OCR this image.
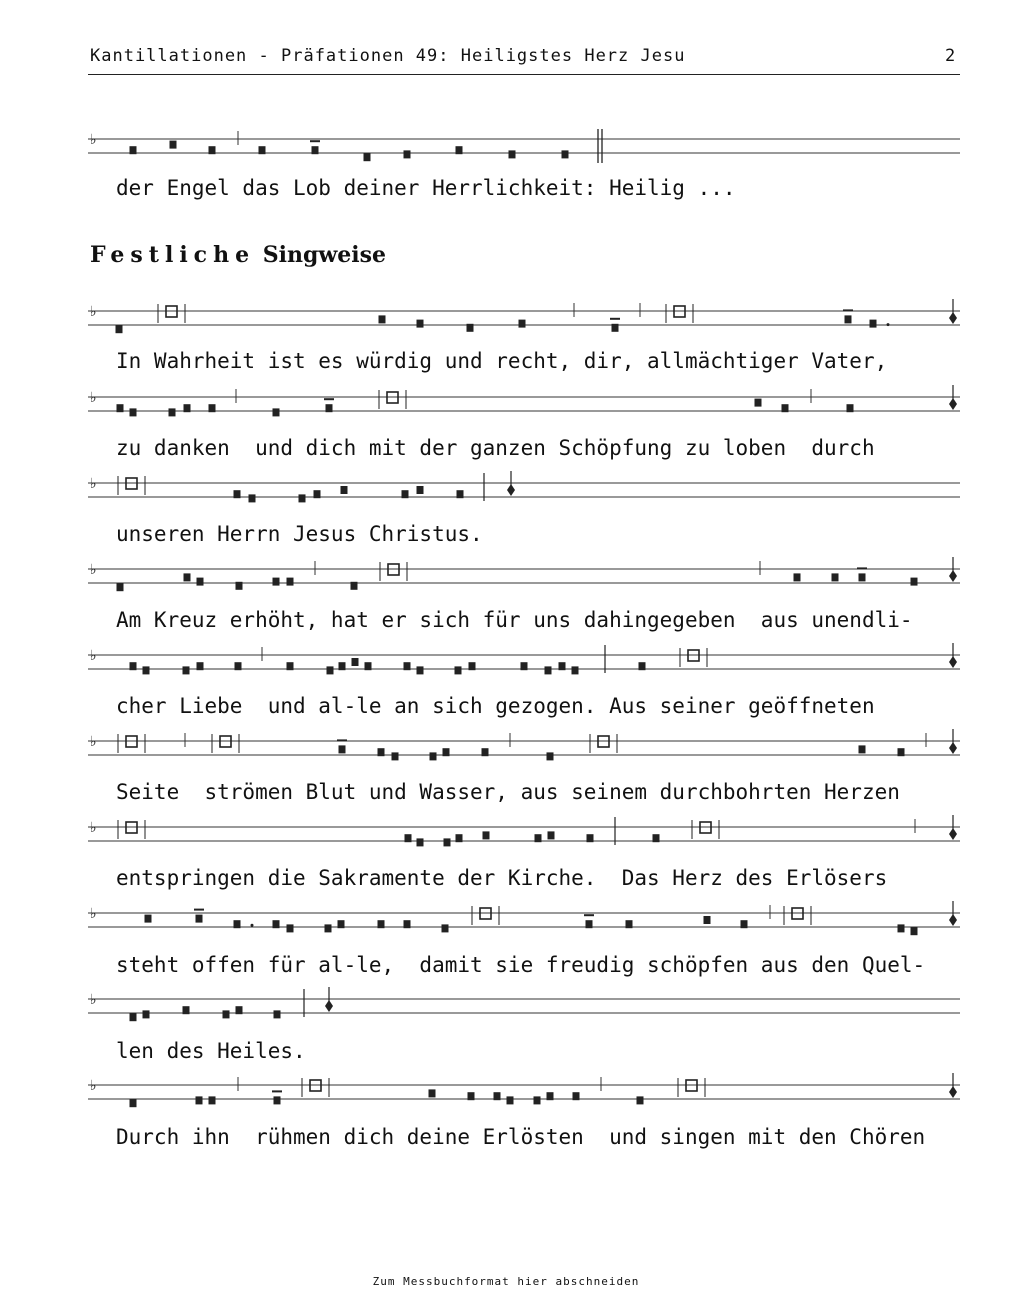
Kantillationen - Präfationen 49: Heiligstes Herz Jesu	2
Festliche Singweise
♭
der Engel das Lob deiner Herrlichkeit: Heilig ...
♭
In Wahrheit ist es würdig und recht, dir, allmächtiger Vater,
♭
zu danken  und dich mit der ganzen Schöpfung zu loben  durch
♭
unseren Herrn Jesus Christus.
♭
Am Kreuz erhöht, hat er sich für uns dahingegeben  aus unendli-
♭
cher Liebe  und al-le an sich gezogen. Aus seiner geöffneten
♭
Seite  strömen Blut und Wasser, aus seinem durchbohrten Herzen
♭
entspringen die Sakramente der Kirche.  Das Herz des Erlösers
♭
steht offen für al-le,  damit sie freudig schöpfen aus den Quel-
♭
len des Heiles.
♭
Durch ihn  rühmen dich deine Erlösten  und singen mit den Chören
Zum Messbuchformat hier abschneiden
